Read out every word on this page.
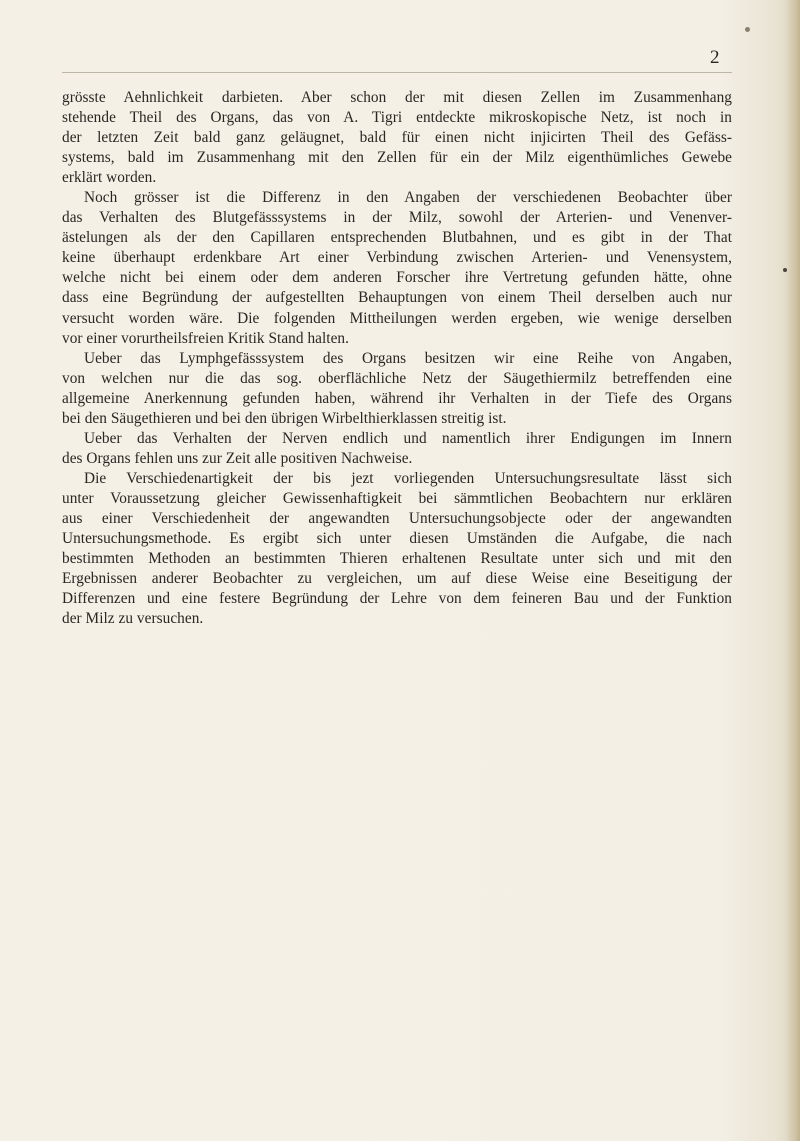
2

grösste Aehnlichkeit darbieten. Aber schon der mit diesen Zellen im Zusammenhang
stehende Theil des Organs, das von A. Tigri entdeckte mikroskopische Netz, ist noch in
der letzten Zeit bald ganz geläugnet, bald für einen nicht injicirten Theil des Gefäss-
systems, bald im Zusammenhang mit den Zellen für ein der Milz eigenthümliches Gewebe
erklärt worden.

Noch grösser ist die Differenz in den Angaben der verschiedenen Beobachter über
das Verhalten des Blutgefässsystems in der Milz, sowohl der Arterien- und Venenver-
ästelungen als der den Capillaren entsprechenden Blutbahnen, und es gibt in der That
keine überhaupt erdenkbare Art einer Verbindung zwischen Arterien- und Venensystem,
welche nicht bei einem oder dem anderen Forscher ihre Vertretung gefunden hätte, ohne
dass eine Begründung der aufgestellten Behauptungen von einem Theil derselben auch nur
versucht worden wäre. Die folgenden Mittheilungen werden ergeben, wie wenige derselben
vor einer vorurtheilsfreien Kritik Stand halten.

Ueber das Lymphgefässsystem des Organs besitzen wir eine Reihe von Angaben,
von welchen nur die das sog. oberflächliche Netz der Säugethiermilz betreffenden eine
allgemeine Anerkennung gefunden haben, während ihr Verhalten in der Tiefe des Organs
bei den Säugethieren und bei den übrigen Wirbelthierklassen streitig ist.

Ueber das Verhalten der Nerven endlich und namentlich ihrer Endigungen im Innern
des Organs fehlen uns zur Zeit alle positiven Nachweise.

Die Verschiedenartigkeit der bis jezt vorliegenden Untersuchungsresultate lässt sich
unter Voraussetzung gleicher Gewissenhaftigkeit bei sämmtlichen Beobachtern nur erklären
aus einer Verschiedenheit der angewandten Untersuchungsobjecte oder der angewandten
Untersuchungsmethode. Es ergibt sich unter diesen Umständen die Aufgabe, die nach
bestimmten Methoden an bestimmten Thieren erhaltenen Resultate unter sich und mit den
Ergebnissen anderer Beobachter zu vergleichen, um auf diese Weise eine Beseitigung der
Differenzen und eine festere Begründung der Lehre von dem feineren Bau und der Funktion
der Milz zu versuchen.
